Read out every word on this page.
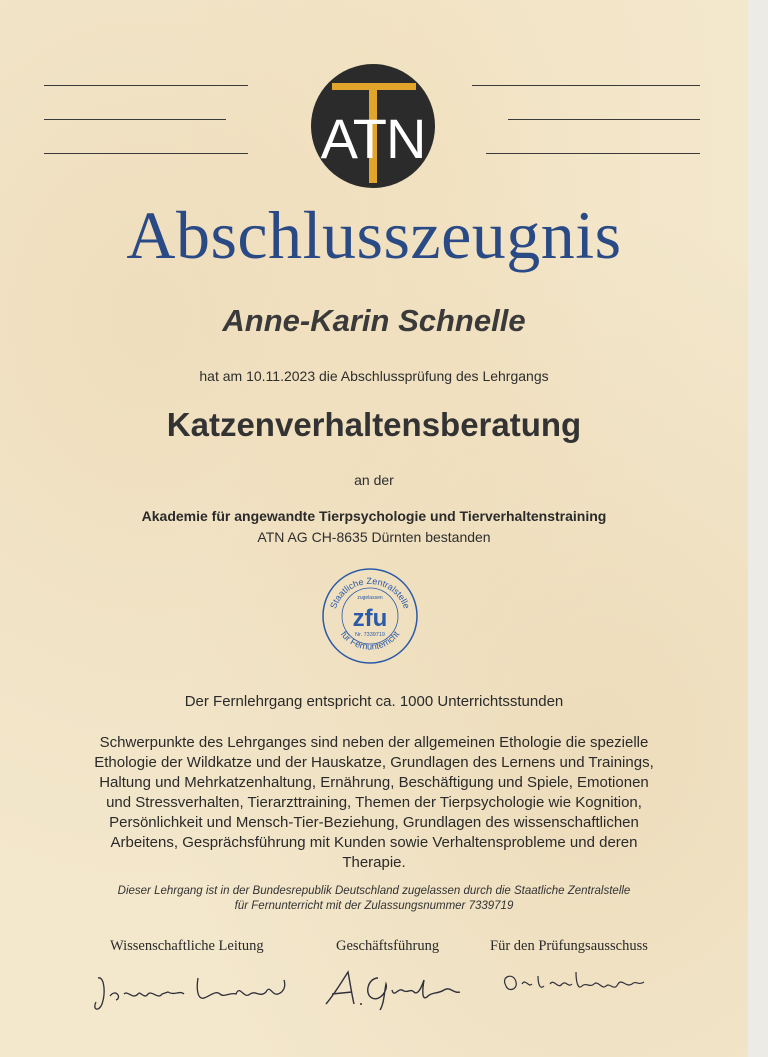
ATN
Abschlusszeugnis
Anne-Karin Schnelle
hat am 10.11.2023 die Abschlussprüfung des Lehrgangs
Katzenverhaltensberatung
an der
Akademie für angewandte Tierpsychologie und Tierverhaltenstraining
ATN AG CH-8635 Dürnten bestanden
Staatliche Zentralstelle
für Fernunterricht
zugelassen
zfu
Nr. 7339719
Der Fernlehrgang entspricht ca. 1000 Unterrichtsstunden
Schwerpunkte des Lehrganges sind neben der allgemeinen Ethologie die spezielle
Ethologie der Wildkatze und der Hauskatze, Grundlagen des Lernens und Trainings,
Haltung und Mehrkatzenhaltung, Ernährung, Beschäftigung und Spiele, Emotionen
und Stressverhalten, Tierarzttraining, Themen der Tierpsychologie wie Kognition,
Persönlichkeit und Mensch-Tier-Beziehung, Grundlagen des wissenschaftlichen
Arbeitens, Gesprächsführung mit Kunden sowie Verhaltensprobleme und deren
Therapie.
Dieser Lehrgang ist in der Bundesrepublik Deutschland zugelassen durch die Staatliche Zentralstelle
für Fernunterricht mit der Zulassungsnummer 7339719
Wissenschaftliche Leitung	Geschäftsführung	Für den Prüfungsausschuss
